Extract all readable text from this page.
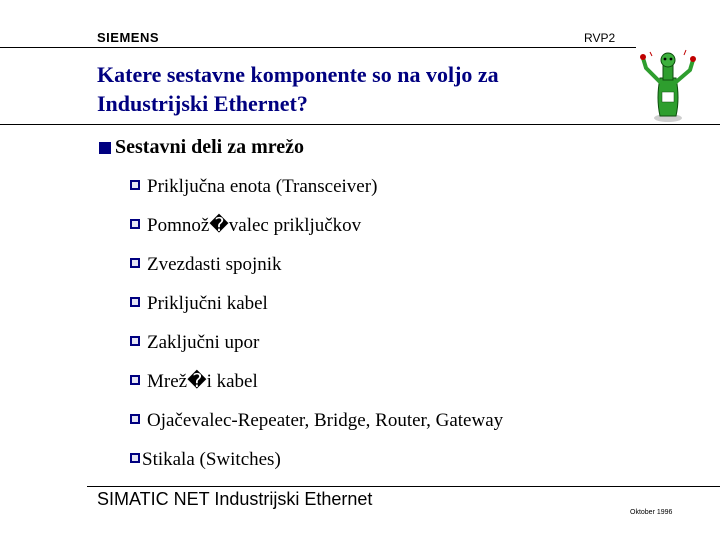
SIEMENS	RVP2
Katere sestavne komponente so na voljo za
Industrijski Ethernet?
Sestavni deli za mrežo
Priključna enota (Transceiver)
Pomnož�valec priključkov
Zvezdasti spojnik
Priključni kabel
Zaključni upor
Mrež�i kabel
Ojačevalec-Repeater, Bridge, Router, Gateway
Stikala (Switches)
SIMATIC NET Industrijski Ethernet
Oktober 1996
